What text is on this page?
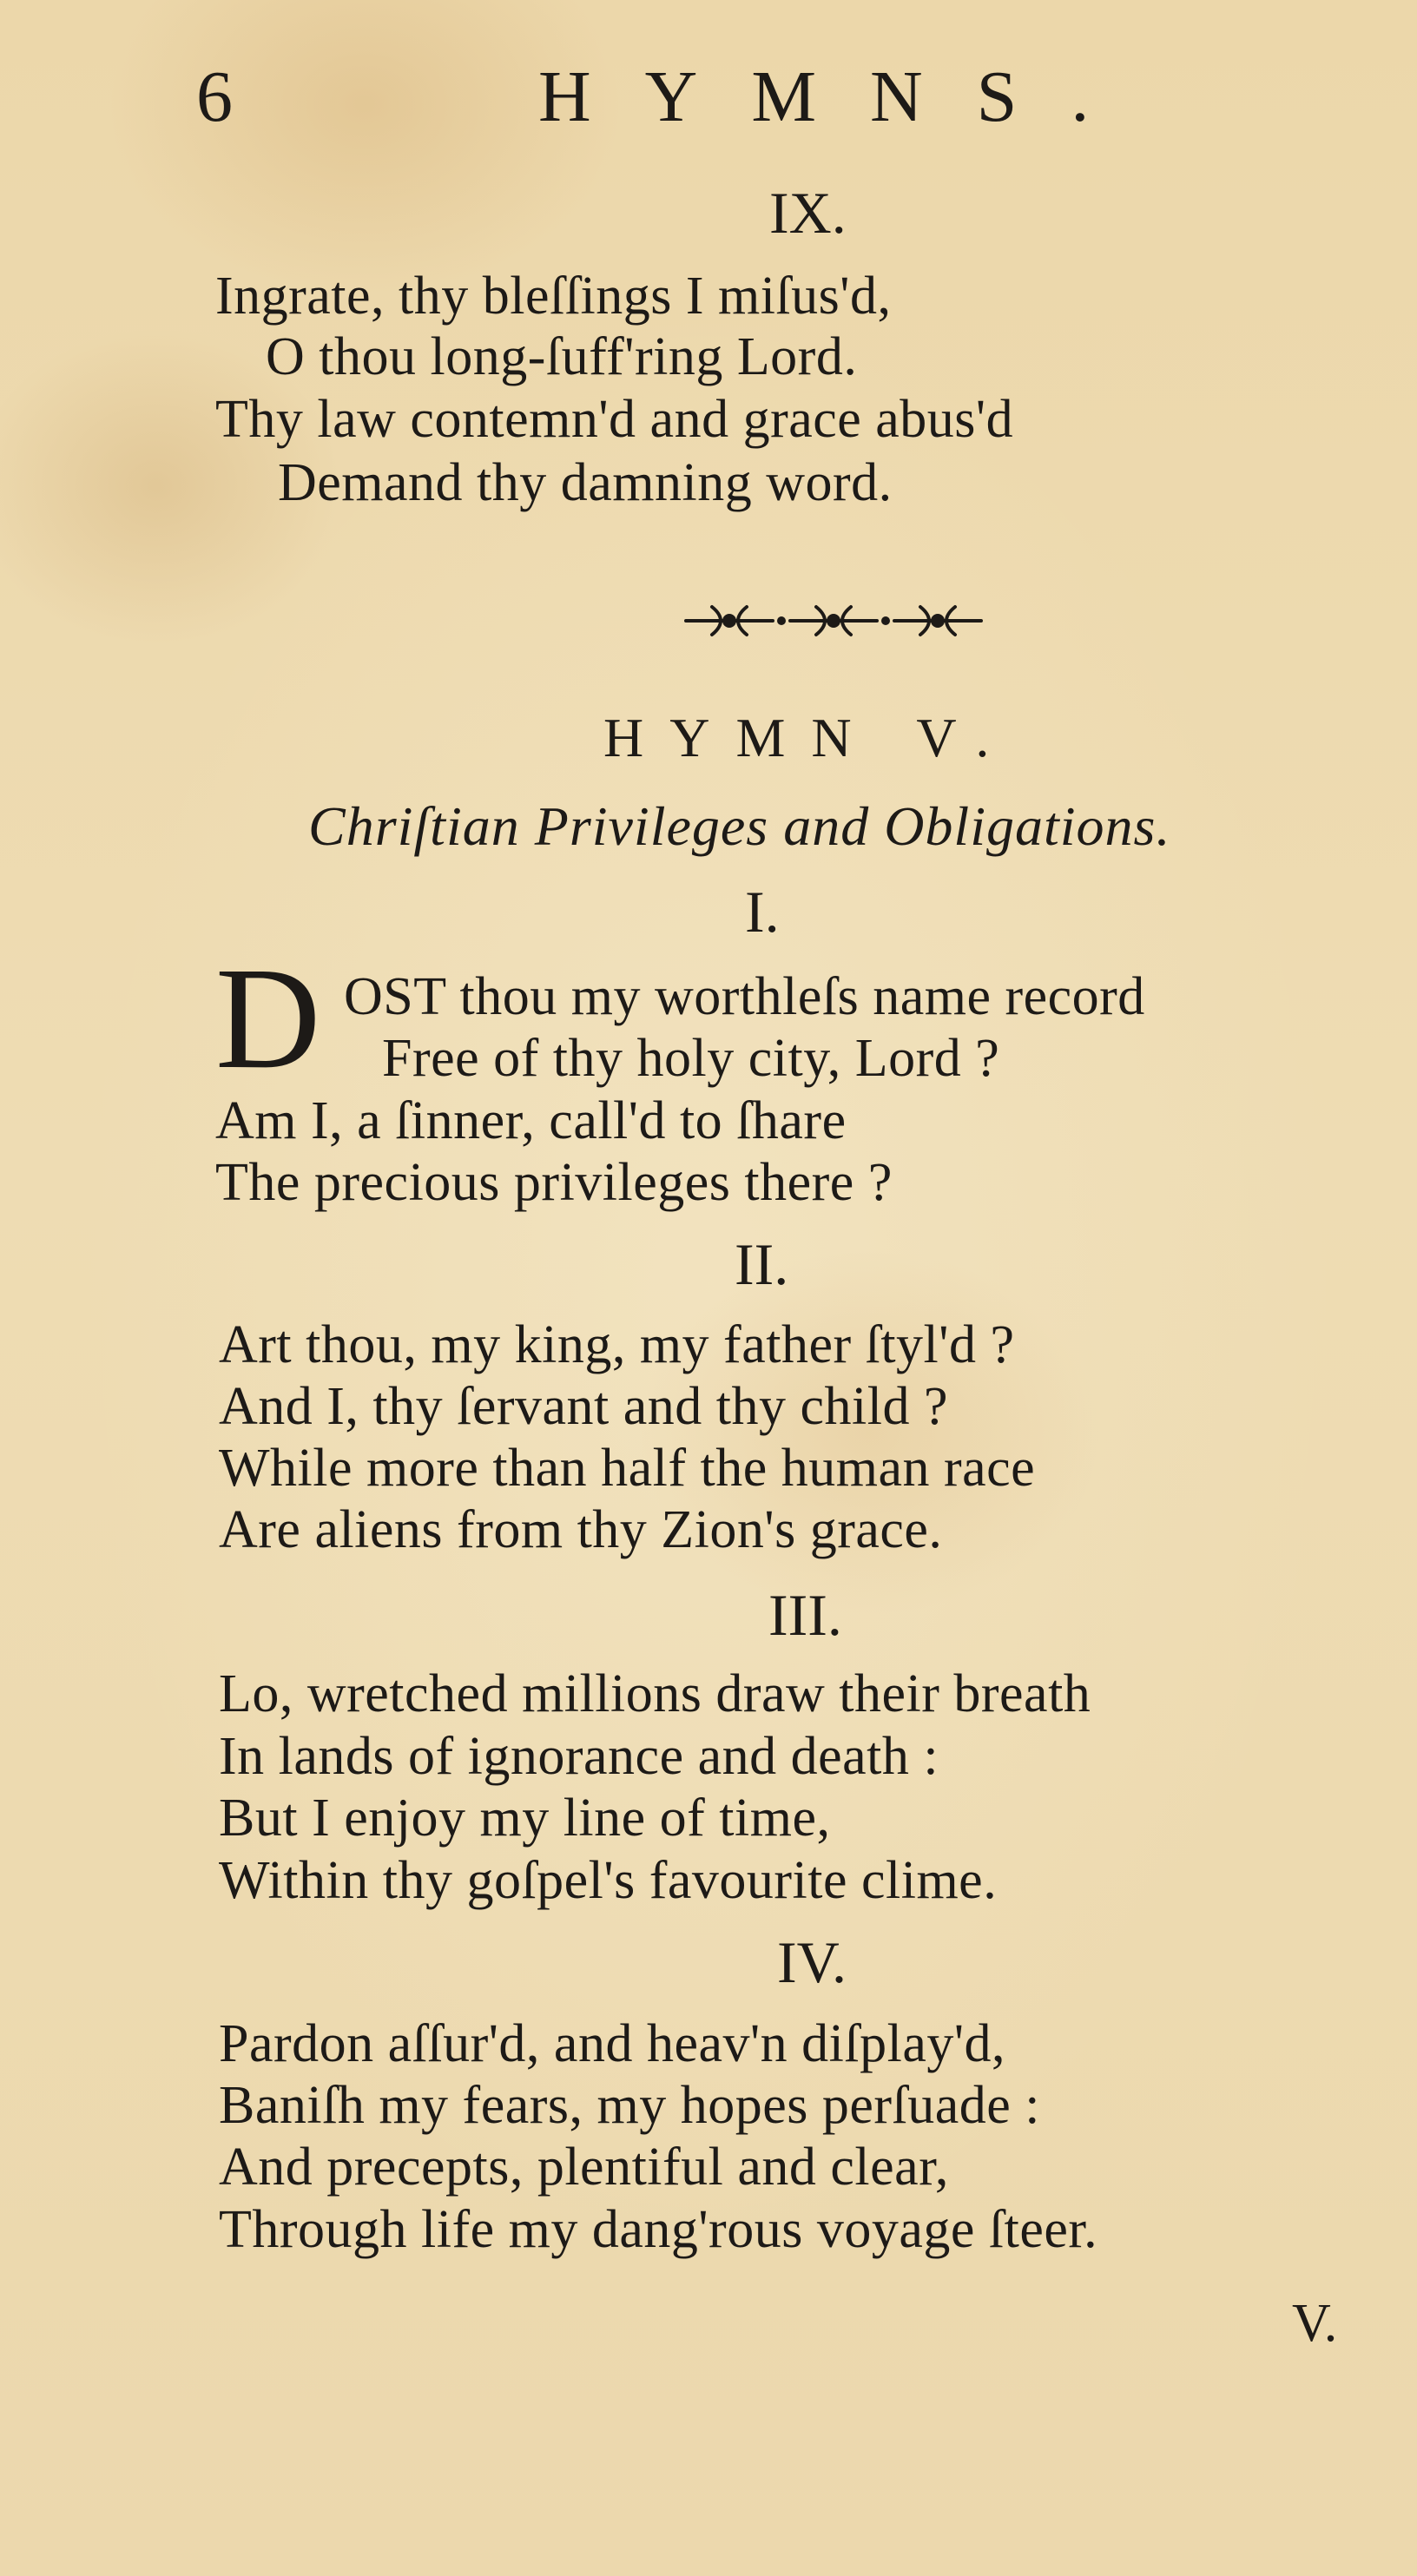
6	HYMNS.
IX.
Ingrate, thy bleſſings I miſus'd,
O thou long-ſuff'ring Lord.
Thy law contemn'd and grace abus'd
Demand thy damning word.
HYMN V.
Chriſtian Privileges and Obligations.
I.
D OST thou my worthleſs name record
Free of thy holy city, Lord ?
Am I, a ſinner, call'd to ſhare
The precious privileges there ?
II.
Art thou, my king, my father ſtyl'd ?
And I, thy ſervant and thy child ?
While more than half the human race
Are aliens from thy Zion's grace.
III.
Lo, wretched millions draw their breath
In lands of ignorance and death :
But I enjoy my line of time,
Within thy goſpel's favourite clime.
IV.
Pardon aſſur'd, and heav'n diſplay'd,
Baniſh my fears, my hopes perſuade :
And precepts, plentiful and clear,
Through life my dang'rous voyage ſteer.
V.
